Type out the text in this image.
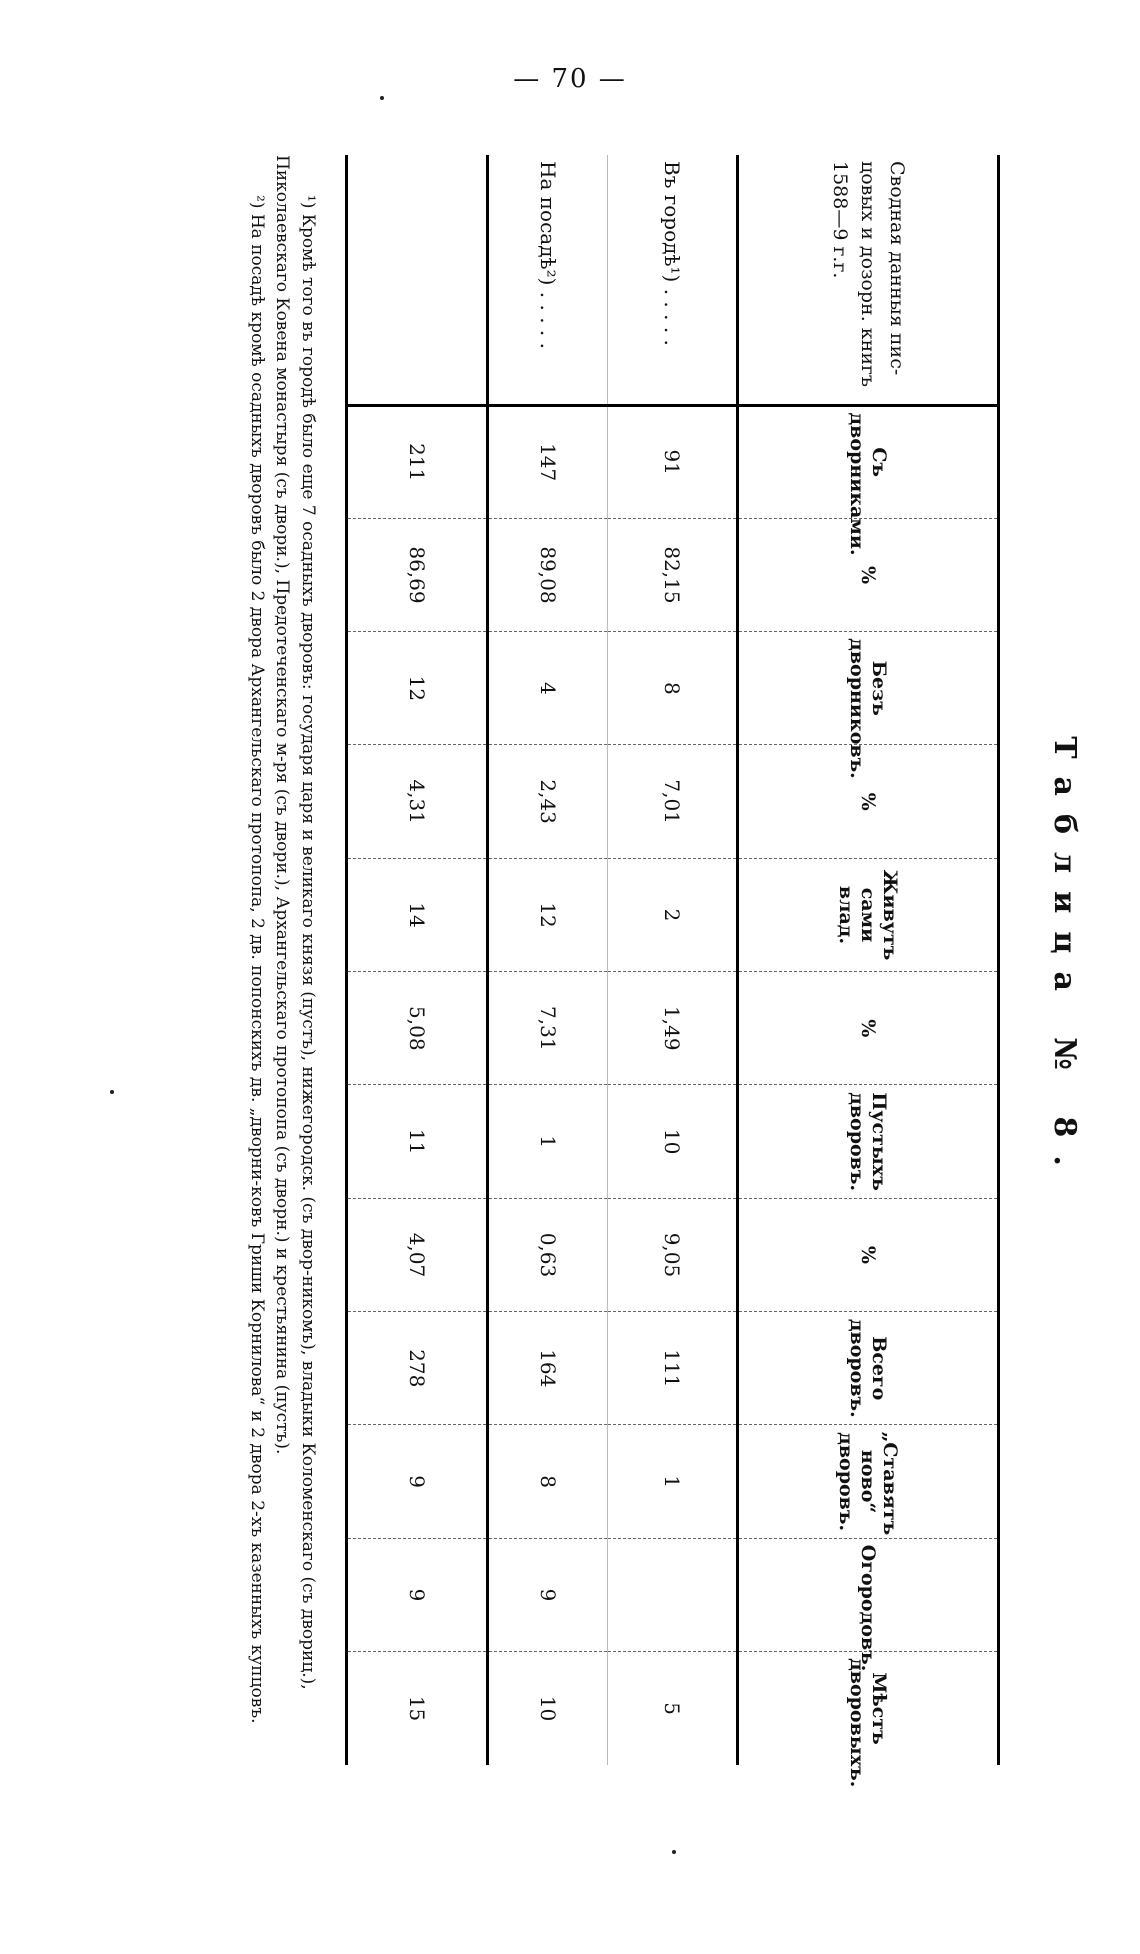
— 70 —
Таблица № 8.
Сводная данныя пис-цовых и дозорн. книгъ 1588—9 г.г.	Съ дворниками.	%	Безъ дворниковъ.	%	Живутъ сами влад.	%	Пустыхъ дворовъ.	%	Всего дворовъ.	„Ставятъ ново“ дворовъ.	Огородовъ.	Мѣстъ дворовыхъ.
Въ городѣ¹) . . . . .	91	82,15	8	7,01	2	1,49	10	9,05	111	1		5
На посадѣ²) . . . . .	147	89,08	4	2,43	12	7,31	1	0,63	164	8	9	10
	211	86,69	12	4,31	14	5,08	11	4,07	278	9	9	15

¹) Кромѣ того въ городѣ было еще 7 осадныхъ дворовъ: государя царя и великаго князя (пустъ), нижегородск. (съ двор-никомъ), владыки Коломенскаго (съ двориц.), Пиколаевскаго Ковена монастыря (съ двори.), Предотеченскаго м-ря (съ двори.), Архангельскаго протопопа (съ дворн.) и крестьянина (пустъ).

²) На посадѣ кромѣ осадныхъ дворовъ было 2 двора Архангельскаго протопопа, 2 дв. попонскихъ дв. „дворни-ковъ Гриши Корнилова“ и 2 двора 2-хъ казенныхъ купцовъ.
